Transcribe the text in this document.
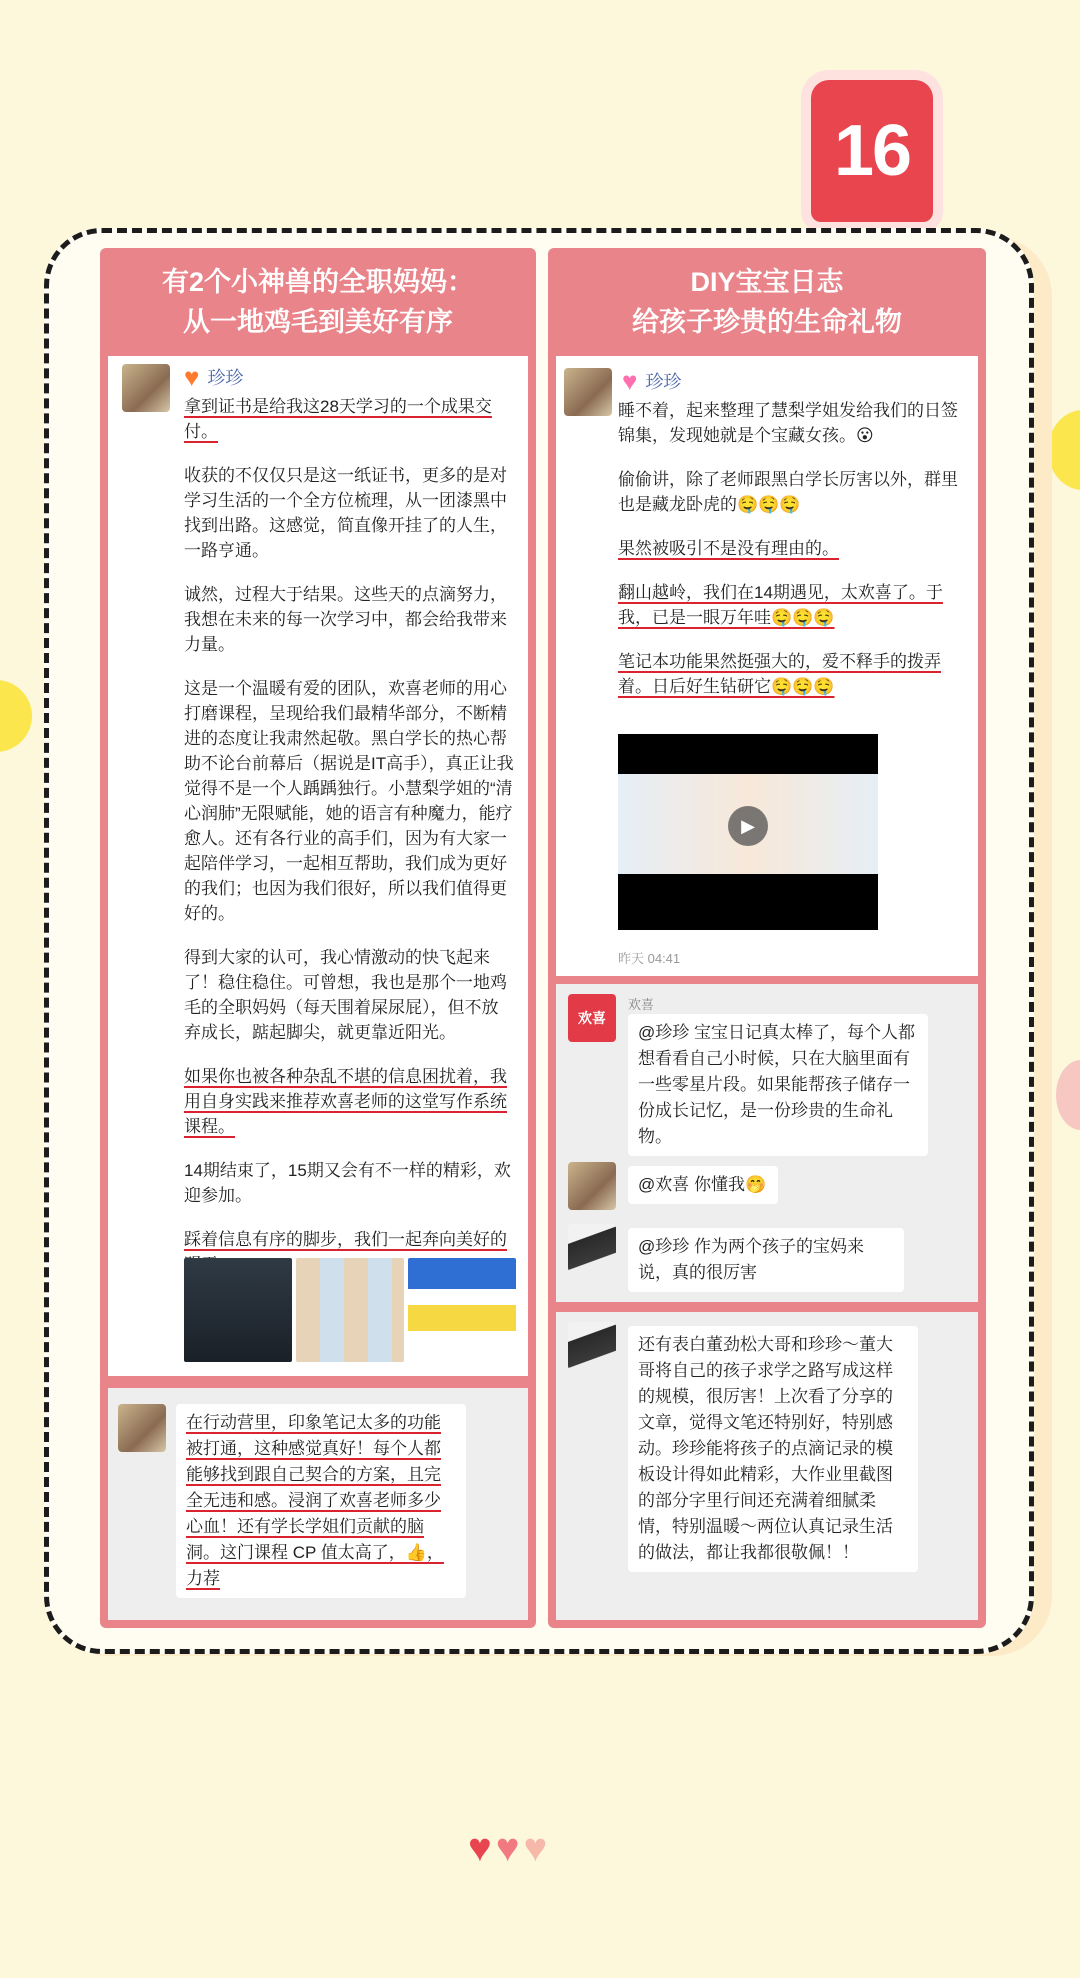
16
有2个小神兽的全职妈妈：
从一地鸡毛到美好有序
♥ 珍珍

拿到证书是给我这28天学习的一个成果交付。

收获的不仅仅只是这一纸证书，更多的是对学习生活的一个全方位梳理，从一团漆黑中找到出路。这感觉，简直像开挂了的人生，一路亨通。

诚然，过程大于结果。这些天的点滴努力，我想在未来的每一次学习中，都会给我带来力量。

这是一个温暖有爱的团队，欢喜老师的用心打磨课程，呈现给我们最精华部分，不断精进的态度让我肃然起敬。黑白学长的热心帮助不论台前幕后（据说是IT高手），真正让我觉得不是一个人踽踽独行。小慧梨学姐的“清心润肺”无限赋能，她的语言有种魔力，能疗愈人。还有各行业的高手们，因为有大家一起陪伴学习，一起相互帮助，我们成为更好的我们；也因为我们很好，所以我们值得更好的。

得到大家的认可，我心情激动的快飞起来了！稳住稳住。可曾想，我也是那个一地鸡毛的全职妈妈（每天围着屎尿屁），但不放弃成长，踮起脚尖，就更靠近阳光。

如果你也被各种杂乱不堪的信息困扰着，我用自身实践来推荐欢喜老师的这堂写作系统课程。

14期结束了，15期又会有不一样的精彩，欢迎参加。

踩着信息有序的脚步，我们一起奔向美好的

在行动营里，印象笔记太多的功能被打通，这种感觉真好！每个人都能够找到跟自己契合的方案，且完全无违和感。浸润了欢喜老师多少心血！还有学长学姐们贡献的脑洞。这门课程 CP 值太高了，👍，力荐
DIY宝宝日志
给孩子珍贵的生命礼物
♥ 珍珍

睡不着，起来整理了慧梨学姐发给我们的日签锦集，发现她就是个宝藏女孩。😮

偷偷讲，除了老师跟黑白学长厉害以外，群里也是藏龙卧虎的🤤🤤🤤

果然被吸引不是没有理由的。

翻山越岭，我们在14期遇见，太欢喜了。于我，已是一眼万年哇🤤🤤🤤

笔记本功能果然挺强大的，爱不释手的拨弄着。日后好生钻研它🤤🤤🤤

▶
昨天 04:41
欢喜
欢喜
@珍珍 宝宝日记真太棒了，每个人都想看看自己小时候，只在大脑里面有一些零星片段。如果能帮孩子储存一份成长记忆，是一份珍贵的生命礼物。
@欢喜 你懂我🤭
@珍珍 作为两个孩子的宝妈来说，真的很厉害
还有表白董劲松大哥和珍珍～董大哥将自己的孩子求学之路写成这样的规模，很厉害！上次看了分享的文章，觉得文笔还特别好，特别感动。珍珍能将孩子的点滴记录的模板设计得如此精彩，大作业里截图的部分字里行间还充满着细腻柔情，特别温暖～两位认真记录生活的做法，都让我都很敬佩！！
♥ ♥ ♥
